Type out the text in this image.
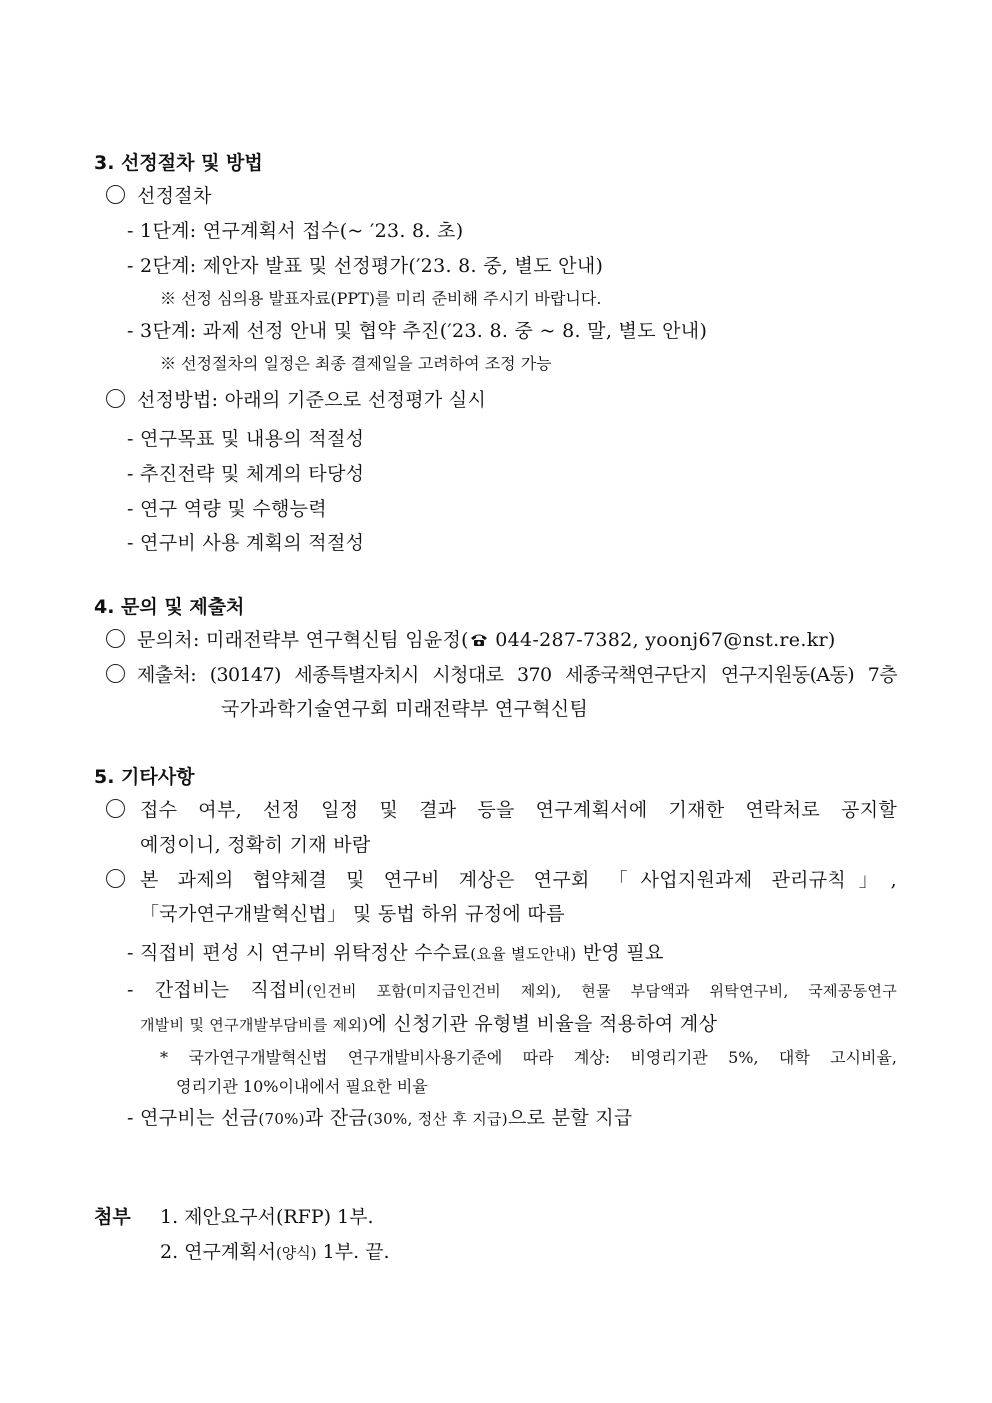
3. 선정절차 및 방법
선정절차
- 1단계: 연구계획서 접수(~ ′23. 8. 초)
- 2단계: 제안자 발표 및 선정평가(′23. 8. 중, 별도 안내)
※ 선정 심의용 발표자료(PPT)를 미리 준비해 주시기 바랍니다.
- 3단계: 과제 선정 안내 및 협약 추진(′23. 8. 중 ~ 8. 말, 별도 안내)
※ 선정절차의 일정은 최종 결제일을 고려하여 조정 가능
선정방법: 아래의 기준으로 선정평가 실시
- 연구목표 및 내용의 적절성
- 추진전략 및 체계의 타당성
- 연구 역량 및 수행능력
- 연구비 사용 계획의 적절성
4. 문의 및 제출처
문의처: 미래전략부 연구혁신팀 임윤정( 044-287-7382, yoonj67@nst.re.kr)
제출처: (30147) 세종특별자치시 시청대로 370 세종국책연구단지 연구지원동(A동) 7층
국가과학기술연구회 미래전략부 연구혁신팀
5. 기타사항
접수 여부, 선정 일정 및 결과 등을 연구계획서에 기재한 연락처로 공지할
예정이니, 정확히 기재 바람
본 과제의 협약체결 및 연구비 계상은 연구회 「사업지원과제 관리규칙」,
「국가연구개발혁신법」 및 동법 하위 규정에 따름
- 직접비 편성 시 연구비 위탁정산 수수료(요율 별도안내) 반영 필요
- 간접비는 직접비(인건비 포함(미지급인건비 제외), 현물 부담액과 위탁연구비, 국제공동연구
개발비 및 연구개발부담비를 제외)에 신청기관 유형별 비율을 적용하여 계상
* 국가연구개발혁신법 연구개발비사용기준에 따라 계상: 비영리기관 5%, 대학 고시비율,
영리기관 10%이내에서 필요한 비율
- 연구비는 선금(70%)과 잔금(30%, 정산 후 지급)으로 분할 지급
첨부 1. 제안요구서(RFP) 1부.
2. 연구계획서(양식) 1부. 끝.
